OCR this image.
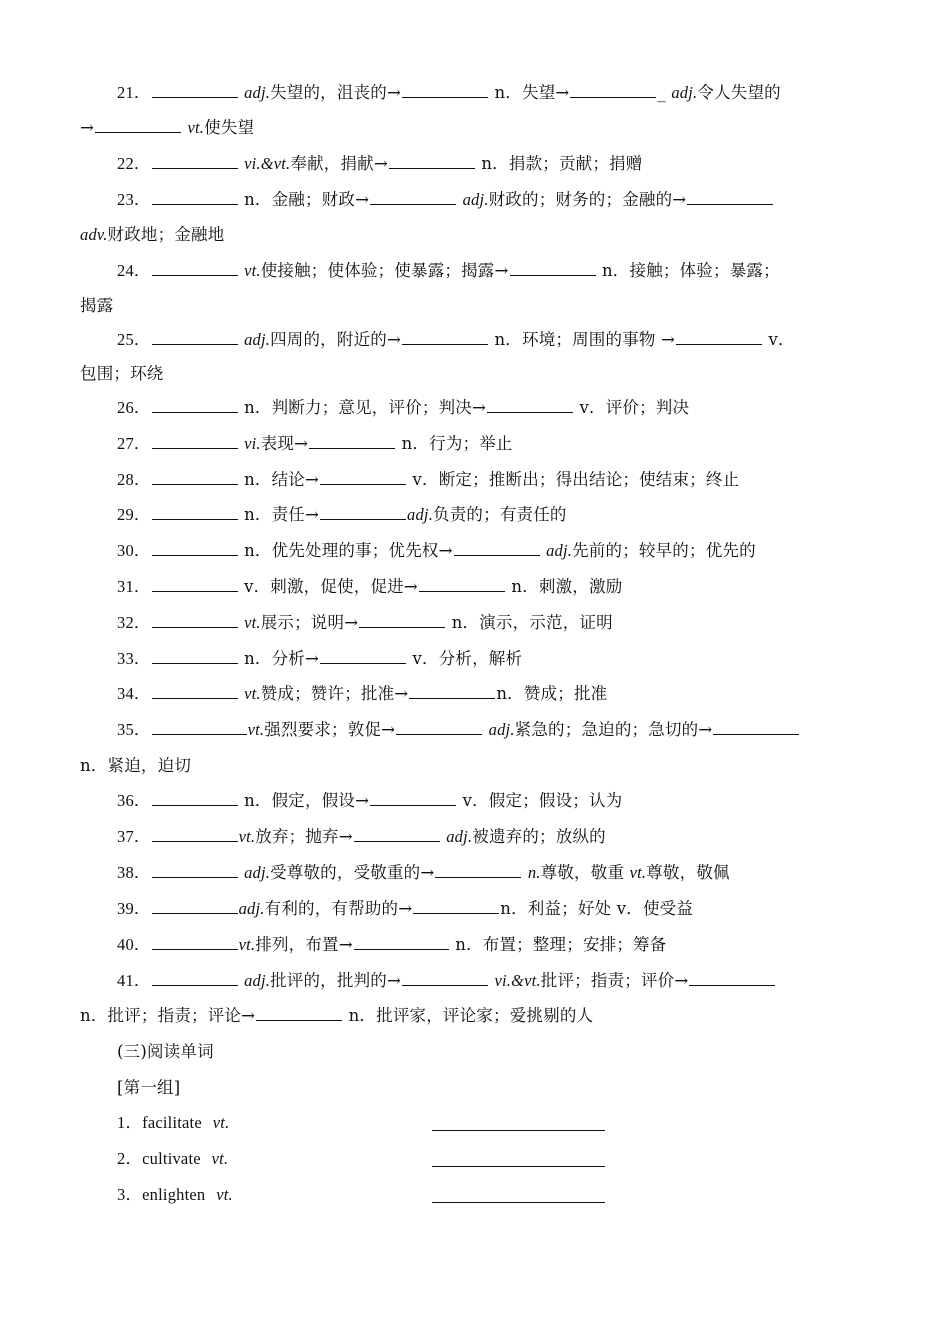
21．	adj.失望的，沮丧的→	n．失望→	_ adj.令人失望的
→	vt.使失望
22．	vi.&vt.奉献，捐献→	n．捐款；贡献；捐赠
23．	n．金融；财政→	adj.财政的；财务的；金融的→
adv.财政地；金融地
24．	vt.使接触；使体验；使暴露；揭露→	n．接触；体验；暴露；
揭露
25．	adj.四周的，附近的→	n．环境；周围的事物 →	v．
包围；环绕
26．	n．判断力；意见，评价；判决→	v．评价；判决
27．	vi.表现→	n．行为；举止
28．	n．结论→	v．断定；推断出；得出结论；使结束；终止
29．	n．责任→	adj.负责的；有责任的
30．	n．优先处理的事；优先权→	adj.先前的；较早的；优先的
31．	v．刺激，促使，促进→	n．刺激，激励
32．	vt.展示；说明→	n．演示，示范，证明
33．	n．分析→	v．分析，解析
34．	vt.赞成；赞许；批准→	n．赞成；批准
35．	vt.强烈要求；敦促→	adj.紧急的；急迫的；急切的→
n．紧迫，迫切
36．	n．假定，假设→	v．假定；假设；认为
37．	vt.放弃；抛弃→	adj.被遗弃的；放纵的
38．	adj.受尊敬的，受敬重的→	n.尊敬，敬重 vt.尊敬，敬佩
39．	adj.有利的，有帮助的→	n．利益；好处 v．使受益
40．	vt.排列，布置→	n．布置；整理；安排；筹备
41．	adj.批评的，批判的→	vi.&vt.批评；指责；评价→
n．批评；指责；评论→	n．批评家，评论家；爱挑剔的人
(三)阅读单词
[第一组]
1．facilitate vt.
2．cultivate vt.
3．enlighten vt.
